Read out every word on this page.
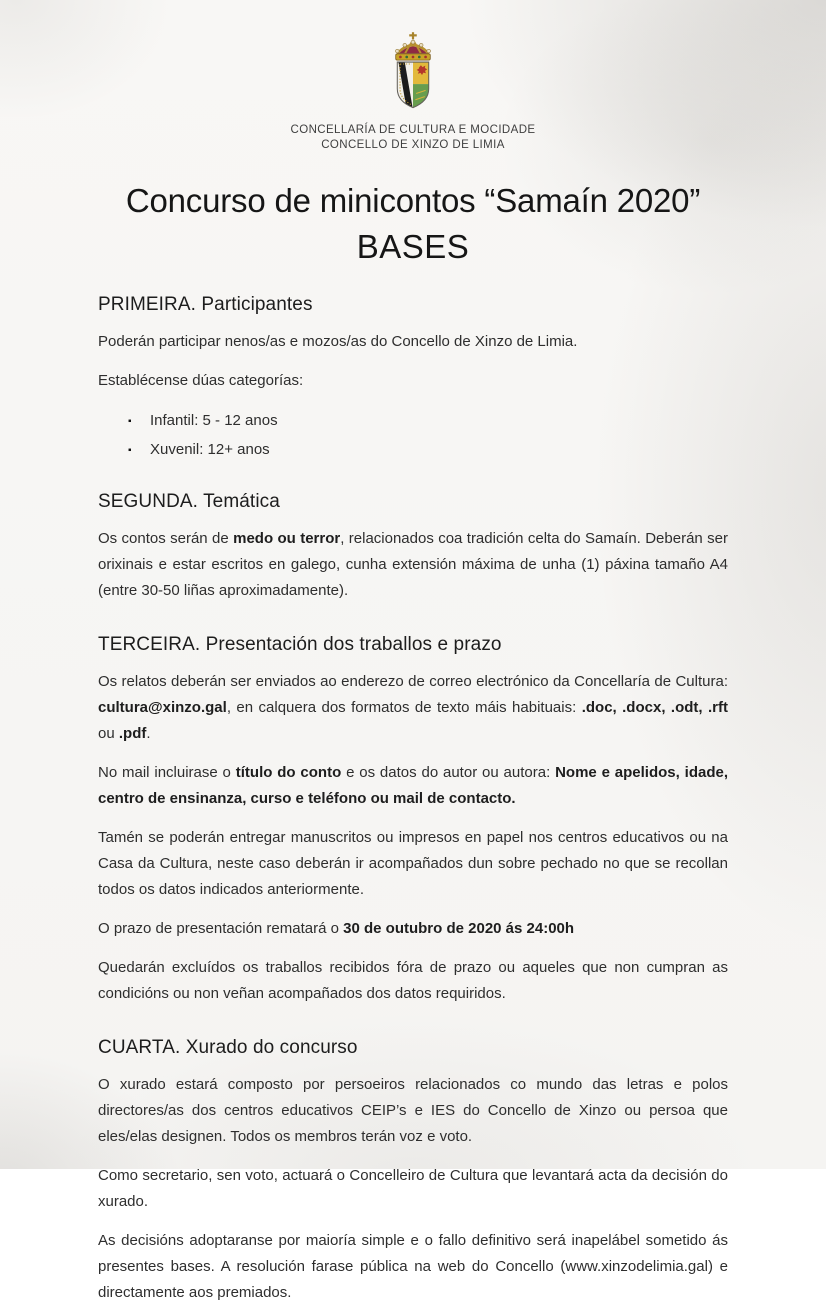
CONCELLARÍA DE CULTURA E MOCIDADE
CONCELLO DE XINZO DE LIMIA
Concurso de minicontos “Samaín 2020”
BASES
PRIMEIRA. Participantes

Poderán participar nenos/as e mozos/as do Concello de Xinzo de Limia.

Establécense dúas categorías:

▪ Infantil: 5 - 12 anos
▪ Xuvenil: 12+ anos
SEGUNDA. Temática

Os contos serán de medo ou terror, relacionados coa tradición celta do Samaín. Deberán ser orixinais e estar escritos en galego, cunha extensión máxima de unha (1) páxina tamaño A4 (entre 30-50 liñas aproximadamente).

TERCEIRA. Presentación dos traballos e prazo

Os relatos deberán ser enviados ao enderezo de correo electrónico da Concellaría de Cultura: cultura@xinzo.gal, en calquera dos formatos de texto máis habituais: .doc, .docx, .odt, .rft ou .pdf.

No mail incluirase o título do conto e os datos do autor ou autora: Nome e apelidos, idade, centro de ensinanza, curso e teléfono ou mail de contacto.

Tamén se poderán entregar manuscritos ou impresos en papel nos centros educativos ou na Casa da Cultura, neste caso deberán ir acompañados dun sobre pechado no que se recollan todos os datos indicados anteriormente.

O prazo de presentación rematará o 30 de outubro de 2020 ás 24:00h

Quedarán excluídos os traballos recibidos fóra de prazo ou aqueles que non cumpran as condicións ou non veñan acompañados dos datos requiridos.

CUARTA. Xurado do concurso

O xurado estará composto por persoeiros relacionados co mundo das letras e polos directores/as dos centros educativos CEIP’s e IES do Concello de Xinzo ou persoa que eles/elas designen. Todos os membros terán voz e voto.

Como secretario, sen voto, actuará o Concelleiro de Cultura que levantará acta da decisión do xurado.

As decisións adoptaranse por maioría simple e o fallo definitivo será inapelábel sometido ás presentes bases. A resolución farase pública na web do Concello (www.xinzodelimia.gal) e directamente aos premiados.
